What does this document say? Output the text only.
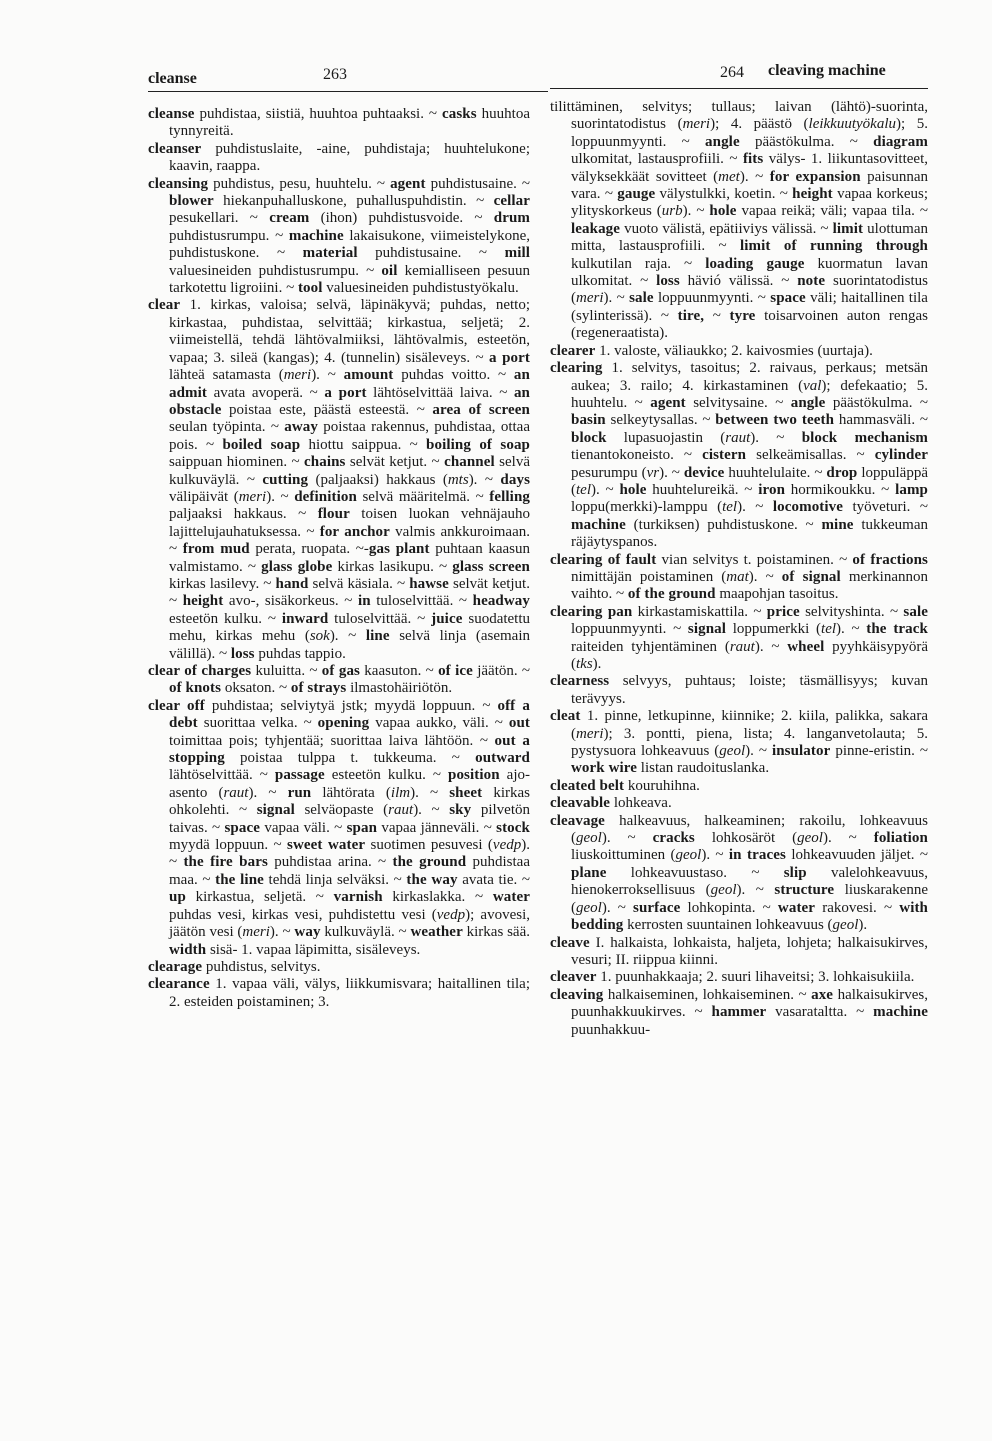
cleanse	263	264 cleaving machine

cleanse puhdistaa, siistiä, huuhtoa puhtaaksi. ~ casks huuhtoa tynnyreitä.

cleanser puhdistuslaite, -aine, puhdistaja; huuhtelukone; kaavin, raappa.

cleansing puhdistus, pesu, huuhtelu. ~ agent puhdistusaine. ~ blower hiekanpuhalluskone, puhalluspuhdistin. ~ cellar pesukellari. ~ cream (ihon) puhdistusvoide. ~ drum puhdistusrumpu. ~ machine lakaisukone, viimeistelykone, puhdistuskone. ~ material puhdistusaine. ~ mill valuesineiden puhdistusrumpu. ~ oil kemialliseen pesuun tarkotettu ligroiini. ~ tool valuesineiden puhdistustyökalu.

clear 1. kirkas, valoisa; selvä, läpinäkyvä; puhdas, netto; kirkastaa, puhdistaa, selvittää; kirkastua, seljetä; 2. viimeistellä, tehdä lähtövalmiiksi, lähtövalmis, esteetön, vapaa; 3. sileä (kangas); 4. (tunnelin) sisäleveys. ~ a port lähteä satamasta (meri). ~ amount puhdas voitto. ~ an admit avata avoperä. ~ a port lähtöselvittää laiva. ~ an obstacle poistaa este, päästä esteestä. ~ area of screen seulan työpinta. ~ away poistaa rakennus, puhdistaa, ottaa pois. ~ boiled soap hiottu saippua. ~ boiling of soap saippuan hiominen. ~ chains selvät ketjut. ~ channel selvä kulkuväylä. ~ cutting (paljaaksi) hakkaus (mts). ~ days välipäivät (meri). ~ definition selvä määritelmä. ~ felling paljaaksi hakkaus. ~ flour toisen luokan vehnäjauho lajittelujauhatuksessa. ~ for anchor valmis ankkuroimaan. ~ from mud perata, ruopata. ~-gas plant puhtaan kaasun valmistamo. ~ glass globe kirkas lasikupu. ~ glass screen kirkas lasilevy. ~ hand selvä käsiala. ~ hawse selvät ketjut. ~ height avo-, sisäkorkeus. ~ in tuloselvittää. ~ headway esteetön kulku. ~ inward tuloselvittää. ~ juice suodatettu mehu, kirkas mehu (sok). ~ line selvä linja (asemain välillä). ~ loss puhdas tappio.

clear of charges kuluitta. ~ of gas kaasuton. ~ of ice jäätön. ~ of knots oksaton. ~ of strays ilmastohäiriötön.

clear off puhdistaa; selviytyä jstk; myydä loppuun. ~ off a debt suorittaa velka. ~ opening vapaa aukko, väli. ~ out toimittaa pois; tyhjentää; suorittaa laiva lähtöön. ~ out a stopping poistaa tulppa t. tukkeuma. ~ outward lähtöselvittää. ~ passage esteetön kulku. ~ position ajo-asento (raut). ~ run lähtörata (ilm). ~ sheet kirkas ohkolehti. ~ signal selväopaste (raut). ~ sky pilvetön taivas. ~ space vapaa väli. ~ span vapaa jänneväli. ~ stock myydä loppuun. ~ sweet water suotimen pesuvesi (vedp). ~ the fire bars puhdistaa arina. ~ the ground puhdistaa maa. ~ the line tehdä linja selväksi. ~ the way avata tie. ~ up kirkastua, seljetä. ~ varnish kirkaslakka. ~ water puhdas vesi, kirkas vesi, puhdistettu vesi (vedp); avovesi, jäätön vesi (meri). ~ way kulkuväylä. ~ weather kirkas sää. width sisä- 1. vapaa läpimitta, sisäleveys.

clearage puhdistus, selvitys.

clearance 1. vapaa väli, välys, liikkumisvara; haitallinen tila; 2. esteiden poistaminen; 3.

tilittäminen, selvitys; tullaus; laivan (lähtö)-suorinta, suorintatodistus (meri); 4. päästö (leikkuutyökalu); 5. loppuunmyynti. ~ angle päästökulma. ~ diagram ulkomitat, lastausprofiili. ~ fits välys- 1. liikuntasovitteet, välyksekkäät sovitteet (met). ~ for expansion paisunnan vara. ~ gauge välystulkki, koetin. ~ height vapaa korkeus; ylityskorkeus (urb). ~ hole vapaa reikä; väli; vapaa tila. ~ leakage vuoto välistä, epätiiviys välissä. ~ limit ulottuman mitta, lastausprofiili. ~ limit of running through kulkutilan raja. ~ loading gauge kuormatun lavan ulkomitat. ~ loss hävió välissä. ~ note suorintatodistus (meri). ~ sale loppuunmyynti. ~ space väli; haitallinen tila (sylinterissä). ~ tire, ~ tyre toisarvoinen auton rengas (regeneraatista).

clearer 1. valoste, väliaukko; 2. kaivosmies (uurtaja).

clearing 1. selvitys, tasoitus; 2. raivaus, perkaus; metsän aukea; 3. railo; 4. kirkastaminen (val); defekaatio; 5. huuhtelu. ~ agent selvitysaine. ~ angle päästökulma. ~ basin selkeytysallas. ~ between two teeth hammasväli. ~ block lupasuojastin (raut). ~ block mechanism tienantokoneisto. ~ cistern selkeämisallas. ~ cylinder pesurumpu (vr). ~ device huuhtelulaite. ~ drop loppuläppä (tel). ~ hole huuhtelureikä. ~ iron hormikoukku. ~ lamp loppu(merkki)-lamppu (tel). ~ locomotive työveturi. ~ machine (turkiksen) puhdistuskone. ~ mine tukkeuman räjäytyspanos.

clearing of fault vian selvitys t. poistaminen. ~ of fractions nimittäjän poistaminen (mat). ~ of signal merkinannon vaihto. ~ of the ground maapohjan tasoitus.

clearing pan kirkastamiskattila. ~ price selvityshinta. ~ sale loppuunmyynti. ~ signal loppumerkki (tel). ~ the track raiteiden tyhjentäminen (raut). ~ wheel pyyhkäisypyörä (tks).

clearness selvyys, puhtaus; loiste; täsmällisyys; kuvan terävyys.

cleat 1. pinne, letkupinne, kiinnike; 2. kiila, palikka, sakara (meri); 3. pontti, piena, lista; 4. langanvetolauta; 5. pystysuora lohkeavuus (geol). ~ insulator pinne-eristin. ~ work wire listan raudoituslanka.

cleated belt kouruhihna.

cleavable lohkeava.

cleavage halkeavuus, halkeaminen; rakoilu, lohkeavuus (geol). ~ cracks lohkosäröt (geol). ~ foliation liuskoittuminen (geol). ~ in traces lohkeavuuden jäljet. ~ plane lohkeavuustaso. ~ slip valelohkeavuus, hienokerroksellisuus (geol). ~ structure liuskarakenne (geol). ~ surface lohkopinta. ~ water rakovesi. ~ with bedding kerrosten suuntainen lohkeavuus (geol).

cleave I. halkaista, lohkaista, haljeta, lohjeta; halkaisukirves, vesuri; II. riippua kiinni.

cleaver 1. puunhakkaaja; 2. suuri lihaveitsi; 3. lohkaisukiila.

cleaving halkaiseminen, lohkaiseminen. ~ axe halkaisukirves, puunhakkuukirves. ~ hammer vasarataltta. ~ machine puunhakkuu-
